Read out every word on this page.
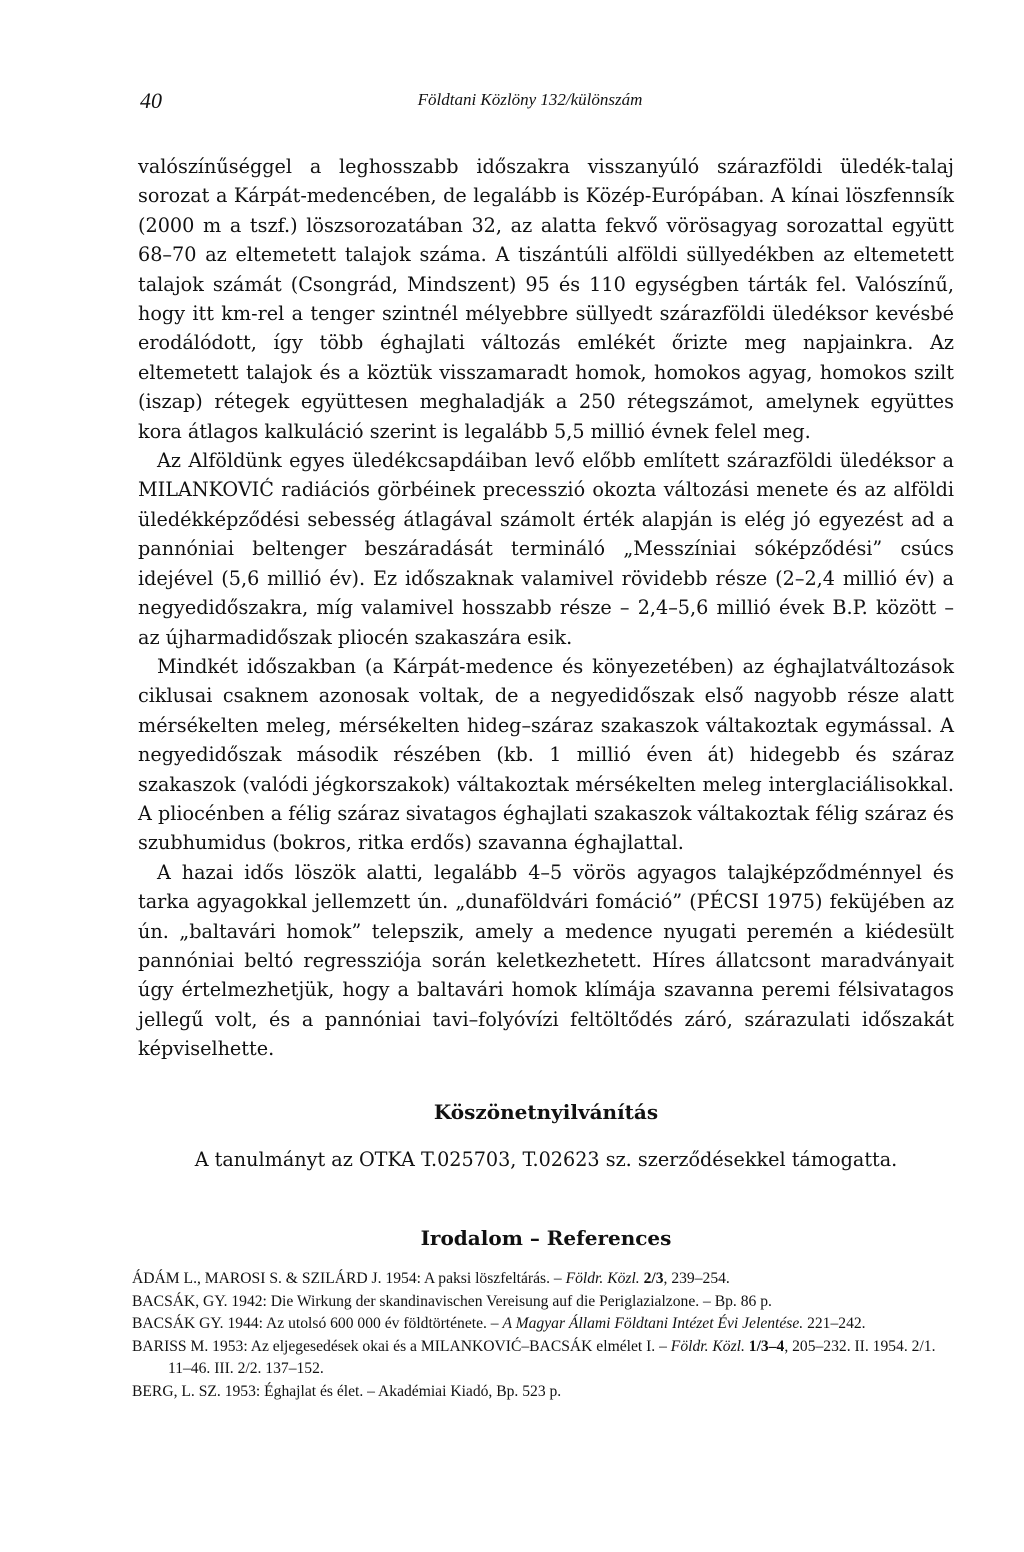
40	Földtani Közlöny 132/különszám

valószínűséggel a leghosszabb időszakra visszanyúló szárazföldi üledék-talaj sorozat a Kárpát-medencében, de legalább is Közép-Európában. A kínai löszfennsík (2000 m a tszf.) löszsorozatában 32, az alatta fekvő vörösagyag sorozattal együtt 68–70 az eltemetett talajok száma. A tiszántúli alföldi süllyedékben az eltemetett talajok számát (Csongrád, Mindszent) 95 és 110 egységben tárták fel. Valószínű, hogy itt km-rel a tenger szintnél mélyebbre süllyedt szárazföldi üledéksor kevésbé erodálódott, így több éghajlati változás emlékét őrizte meg napjainkra. Az eltemetett talajok és a köztük visszamaradt homok, homokos agyag, homokos szilt (iszap) rétegek együttesen meghaladják a 250 rétegszámot, amelynek együttes kora átlagos kalkuláció szerint is legalább 5,5 millió évnek felel meg.

Az Alföldünk egyes üledékcsapdáiban levő előbb említett szárazföldi üledéksor a MILANKOVIĆ radiációs görbéinek precesszió okozta változási menete és az alföldi üledékképződési sebesség átlagával számolt érték alapján is elég jó egyezést ad a pannóniai beltenger beszáradását termináló „Messzíniai sóképződési” csúcs idejével (5,6 millió év). Ez időszaknak valamivel rövidebb része (2–2,4 millió év) a negyedidőszakra, míg valamivel hosszabb része – 2,4–5,6 millió évek B.P. között – az újharmadidőszak pliocén szakaszára esik.

Mindkét időszakban (a Kárpát-medence és könyezetében) az éghajlatváltozások ciklusai csaknem azonosak voltak, de a negyedidőszak első nagyobb része alatt mérsékelten meleg, mérsékelten hideg–száraz szakaszok váltakoztak egymással. A negyedidőszak második részében (kb. 1 millió éven át) hidegebb és száraz szakaszok (valódi jégkorszakok) váltakoztak mérsékelten meleg interglaciálisokkal. A pliocénben a félig száraz sivatagos éghajlati szakaszok váltakoztak félig száraz és szubhumidus (bokros, ritka erdős) szavanna éghajlattal.

A hazai idős löszök alatti, legalább 4–5 vörös agyagos talajképződménnyel és tarka agyagokkal jellemzett ún. „dunaföldvári fomáció” (PÉCSI 1975) feküjében az ún. „baltavári homok” telepszik, amely a medence nyugati peremén a kiédesült pannóniai beltó regressziója során keletkezhetett. Híres állatcsont maradványait úgy értelmezhetjük, hogy a baltavári homok klímája szavanna peremi félsivatagos jellegű volt, és a pannóniai tavi–folyóvízi feltöltődés záró, szárazulati időszakát képviselhette.

Köszönetnyilvánítás
A tanulmányt az OTKA T.025703, T.02623 sz. szerződésekkel támogatta.
Irodalom – References

ÁDÁM L., MAROSI S. & SZILÁRD J. 1954: A paksi löszfeltárás. – Földr. Közl. 2/3, 239–254.

BACSÁK, GY. 1942: Die Wirkung der skandinavischen Vereisung auf die Periglazialzone. – Bp. 86 p.

BACSÁK GY. 1944: Az utolsó 600 000 év földtörténete. – A Magyar Állami Földtani Intézet Évi Jelentése. 221–242.

BARISS M. 1953: Az eljegesedések okai és a MILANKOVIĆ–BACSÁK elmélet I. – Földr. Közl. 1/3–4, 205–232. II. 1954. 2/1. 11–46. III. 2/2. 137–152.

BERG, L. SZ. 1953: Éghajlat és élet. – Akadémiai Kiadó, Bp. 523 p.
